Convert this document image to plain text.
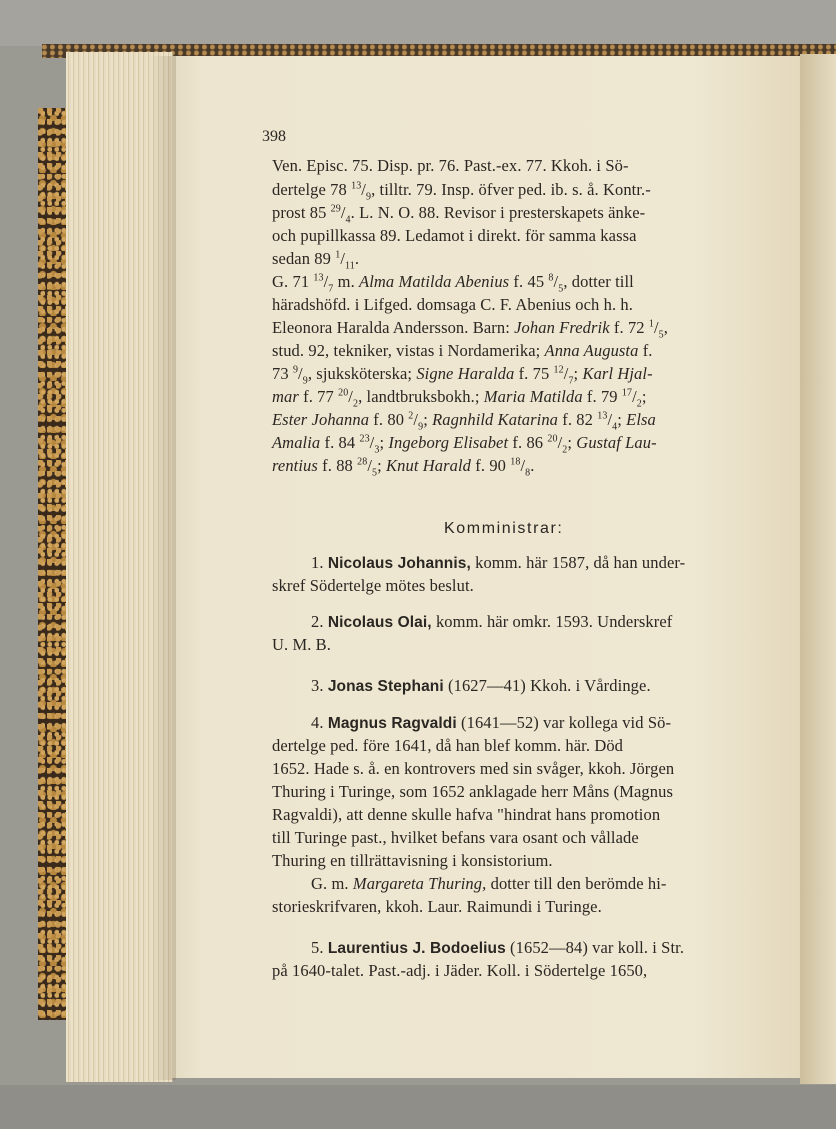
398
Ven. Episc. 75. Disp. pr. 76. Past.-ex. 77. Kkoh. i Sö-
dertelge 78 $^{13}/_9$, tilltr. 79. Insp. öfver ped. ib. s. å. Kontr.-
prost 85 $^{29}/_4$. L. N. O. 88. Revisor i presterskapets änke-
och pupillkassa 89. Ledamot i direkt. för samma kassa
sedan 89 $^1/_{11}$.
G. 71 $^{13}/_7$ m. Alma Matilda Abenius f. 45 $^8/_5$, dotter till
häradshöfd. i Lifged. domsaga C. F. Abenius och h. h.
Eleonora Haralda Andersson. Barn: Johan Fredrik f. 72 $^1/_5$,
stud. 92, tekniker, vistas i Nordamerika; Anna Augusta f.
73 $^9/_9$, sjuksköterska; Signe Haralda f. 75 $^{12}/_7$; Karl Hjal-
mar f. 77 $^{20}/_2$, landtbruksbokh.; Maria Matilda f. 79 $^{17}/_2$;
Ester Johanna f. 80 $^2/_9$; Ragnhild Katarina f. 82 $^{13}/_4$; Elsa
Amalia f. 84 $^{23}/_3$; Ingeborg Elisabet f. 86 $^{20}/_2$; Gustaf Lau-
rentius f. 88 $^{28}/_5$; Knut Harald f. 90 $^{18}/_8$.
Komministrar:
1. Nicolaus Johannis, komm. här 1587, då han under-
skref Södertelge mötes beslut.
2. Nicolaus Olai, komm. här omkr. 1593. Underskref
U. M. B.
3. Jonas Stephani (1627—41) Kkoh. i Vårdinge.
4. Magnus Ragvaldi (1641—52) var kollega vid Sö-
dertelge ped. före 1641, då han blef komm. här. Död
1652. Hade s. å. en kontrovers med sin svåger, kkoh. Jörgen
Thuring i Turinge, som 1652 anklagade herr Måns (Magnus
Ragvaldi), att denne skulle hafva "hindrat hans promotion
till Turinge past., hvilket befans vara osant och vållade
Thuring en tillrättavisning i konsistorium.
G. m. Margareta Thuring, dotter till den berömde hi-
storieskrifvaren, kkoh. Laur. Raimundi i Turinge.
5. Laurentius J. Bodoelius (1652—84) var koll. i Str.
på 1640-talet. Past.-adj. i Jäder. Koll. i Södertelge 1650,
